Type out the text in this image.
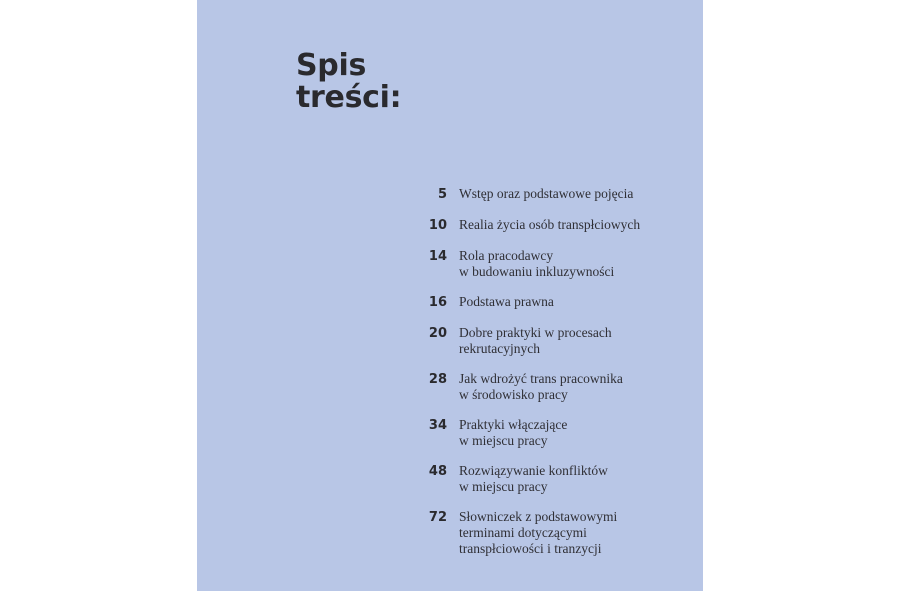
Spis
treści:
5 Wstęp oraz podstawowe pojęcia
10 Realia życia osób transpłciowych
14 Rola pracodawcy
w budowaniu inkluzywności
16 Podstawa prawna
20 Dobre praktyki w procesach
rekrutacyjnych
28 Jak wdrożyć trans pracownika
w środowisko pracy
34 Praktyki włączające
w miejscu pracy
48 Rozwiązywanie konfliktów
w miejscu pracy
72 Słowniczek z podstawowymi
terminami dotyczącymi
transpłciowości i tranzycji
